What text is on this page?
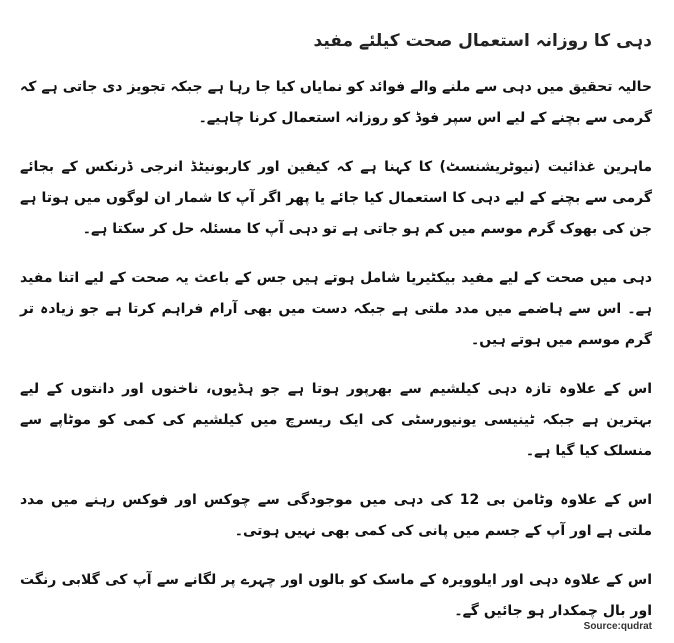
دہی کا روزانہ استعمال صحت کیلئے مفید

حالیہ تحقیق میں دہی سے ملنے والے فوائد کو نمایاں کیا جا رہا ہے جبکہ تجویز دی جاتی ہے کہ گرمی سے بچنے کے لیے اس سپر فوڈ کو روزانہ استعمال کرنا چاہیے۔

ماہرین غذائیت (نیوٹریشنسٹ) کا کہنا ہے کہ کیفین اور کاربونیٹڈ انرجی ڈرنکس کے بجائے گرمی سے بچنے کے لیے دہی کا استعمال کیا جائے یا پھر اگر آپ کا شمار ان لوگوں میں ہوتا ہے جن کی بھوک گرم موسم میں کم ہو جاتی ہے تو دہی آپ کا مسئلہ حل کر سکتا ہے۔

دہی میں صحت کے لیے مفید بیکٹیریا شامل ہوتے ہیں جس کے باعث یہ صحت کے لیے اتنا مفید ہے۔ اس سے ہاضمے میں مدد ملتی ہے جبکہ دست میں بھی آرام فراہم کرتا ہے جو زیادہ تر گرم موسم میں ہوتے ہیں۔

اس کے علاوہ تازہ دہی کیلشیم سے بھرپور ہوتا ہے جو ہڈیوں، ناخنوں اور دانتوں کے لیے بہترین ہے جبکہ ٹینیسی یونیورسٹی کی ایک ریسرچ میں کیلشیم کی کمی کو موٹاپے سے منسلک کیا گیا ہے۔

اس کے علاوہ وٹامن بی 12 کی دہی میں موجودگی سے چوکس اور فوکس رہنے میں مدد ملتی ہے اور آپ کے جسم میں پانی کی کمی بھی نہیں ہوتی۔

اس کے علاوہ دہی اور ایلوویرہ کے ماسک کو بالوں اور چہرے پر لگانے سے آپ کی گلابی رنگت اور بال چمکدار ہو جائیں گے۔

Source:qudrat
